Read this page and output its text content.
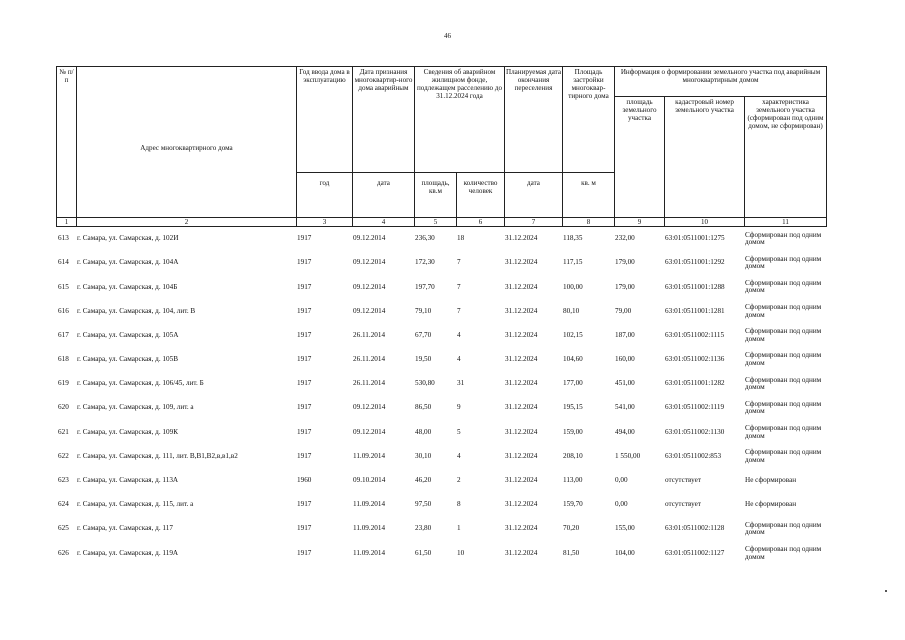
46
№ п/п	Адрес многоквартирного дома	Год ввода дома в эксплуатацию	Дата признания многоквартир-ного дома аварийным	Сведения об аварийном жилищном фонде, подлежащем расселению до 31.12.2024 года		Планируемая дата окончания переселения	Площадь застройки многоквар-тирного дома	Информация о формировании земельного участка под аварийным многоквартирным домом		
								площадь земельного участка	кадастровый номер земельного участка	характеристика земельного участка (сформирован под одним домом, не сформирован)
		год	дата	площадь, кв.м	количество человек	дата	кв. м			
1	2	3	4	5	6	7	8	9	10	11
613	г. Самара, ул. Самарская, д. 102И	1917	09.12.2014	236,30	18	31.12.2024	118,35	232,00	63:01:0511001:1275	Сформирован под одним домом
614	г. Самара, ул. Самарская, д. 104А	1917	09.12.2014	172,30	7	31.12.2024	117,15	179,00	63:01:0511001:1292	Сформирован под одним домом
615	г. Самара, ул. Самарская, д. 104Б	1917	09.12.2014	197,70	7	31.12.2024	100,00	179,00	63:01:0511001:1288	Сформирован под одним домом
616	г. Самара, ул. Самарская, д. 104, лит. В	1917	09.12.2014	79,10	7	31.12.2024	80,10	79,00	63:01:0511001:1281	Сформирован под одним домом
617	г. Самара, ул. Самарская, д. 105А	1917	26.11.2014	67,70	4	31.12.2024	102,15	187,00	63:01:0511002:1115	Сформирован под одним домом
618	г. Самара, ул. Самарская, д. 105В	1917	26.11.2014	19,50	4	31.12.2024	104,60	160,00	63:01:0511002:1136	Сформирован под одним домом
619	г. Самара, ул. Самарская, д. 106/45, лит. Б	1917	26.11.2014	530,80	31	31.12.2024	177,00	451,00	63:01:0511001:1282	Сформирован под одним домом
620	г. Самара, ул. Самарская, д. 109, лит. а	1917	09.12.2014	86,50	9	31.12.2024	195,15	541,00	63:01:0511002:1119	Сформирован под одним домом
621	г. Самара, ул. Самарская, д. 109К	1917	09.12.2014	48,00	5	31.12.2024	159,00	494,00	63:01:0511002:1130	Сформирован под одним домом
622	г. Самара, ул. Самарская, д. 111, лит. В,В1,В2,в,в1,в2	1917	11.09.2014	30,10	4	31.12.2024	208,10	1 550,00	63:01:0511002:853	Сформирован под одним домом
623	г. Самара, ул. Самарская, д. 113А	1960	09.10.2014	46,20	2	31.12.2024	113,00	0,00	отсутствует	Не сформирован
624	г. Самара, ул. Самарская, д. 115, лит. а	1917	11.09.2014	97,50	8	31.12.2024	159,70	0,00	отсутствует	Не сформирован
625	г. Самара, ул. Самарская, д. 117	1917	11.09.2014	23,80	1	31.12.2024	70,20	155,00	63:01:0511002:1128	Сформирован под одним домом
626	г. Самара, ул. Самарская, д. 119А	1917	11.09.2014	61,50	10	31.12.2024	81,50	104,00	63:01:0511002:1127	Сформирован под одним домом
